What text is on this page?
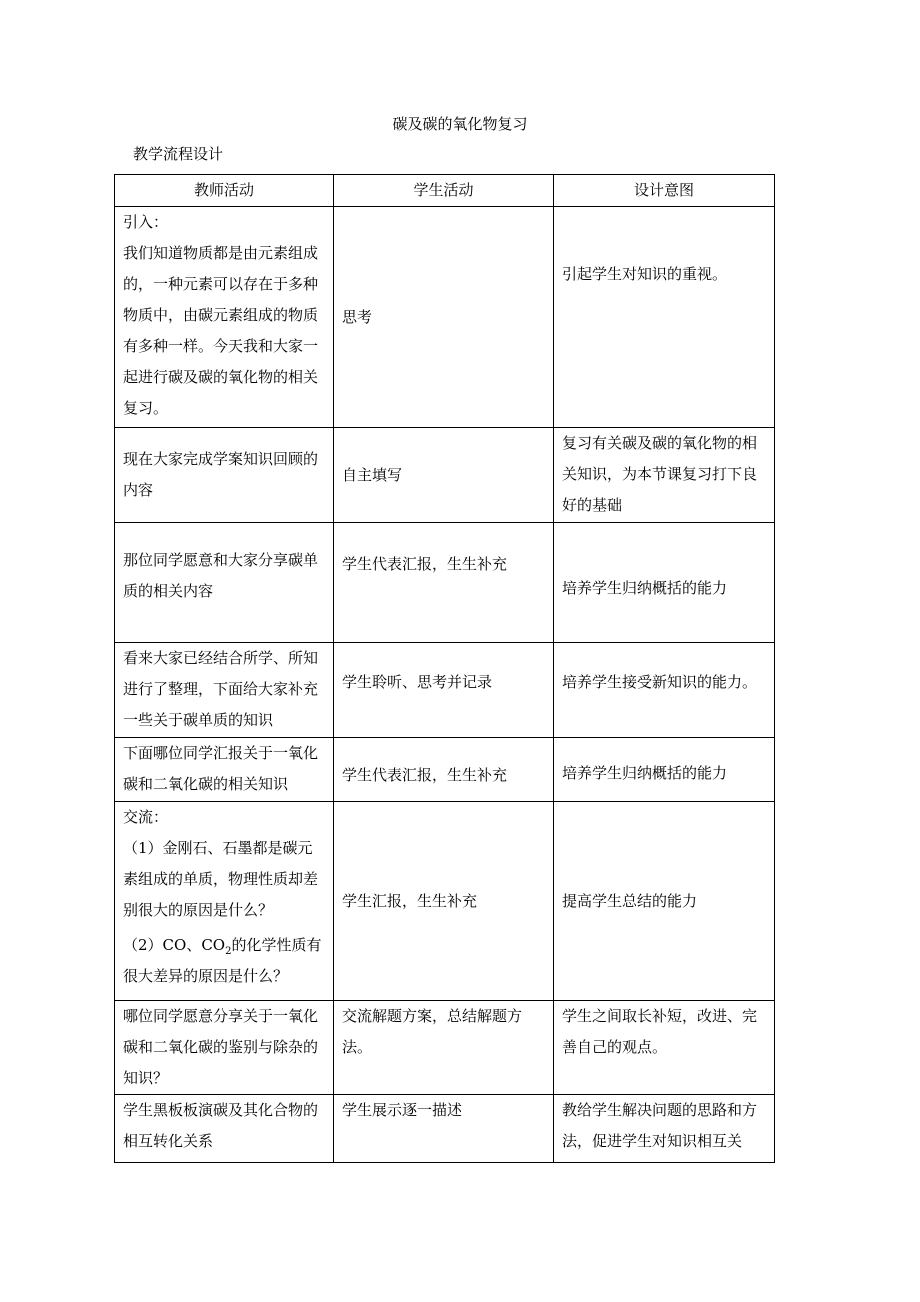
碳及碳的氧化物复习
教学流程设计
教师活动	学生活动	设计意图
引入：
我们知道物质都是由元素组成的，一种元素可以存在于多种物质中，由碳元素组成的物质有多种一样。今天我和大家一起进行碳及碳的氧化物的相关复习。	思考	引起学生对知识的重视。
现在大家完成学案知识回顾的内容	自主填写	复习有关碳及碳的氧化物的相关知识，为本节课复习打下良好的基础
那位同学愿意和大家分享碳单质的相关内容	学生代表汇报，生生补充	培养学生归纳概括的能力
看来大家已经结合所学、所知进行了整理，下面给大家补充一些关于碳单质的知识	学生聆听、思考并记录	培养学生接受新知识的能力。
下面哪位同学汇报关于一氧化碳和二氧化碳的相关知识	学生代表汇报，生生补充	培养学生归纳概括的能力
交流：
（1）金刚石、石墨都是碳元素组成的单质，物理性质却差别很大的原因是什么？
（2）CO、$CO_2$的化学性质有很大差异的原因是什么？	学生汇报，生生补充	提高学生总结的能力
哪位同学愿意分享关于一氧化碳和二氧化碳的鉴别与除杂的知识？	交流解题方案，总结解题方法。	学生之间取长补短，改进、完善自己的观点。
学生黑板板演碳及其化合物的相互转化关系	学生展示逐一描述	教给学生解决问题的思路和方法，促进学生对知识相互关
